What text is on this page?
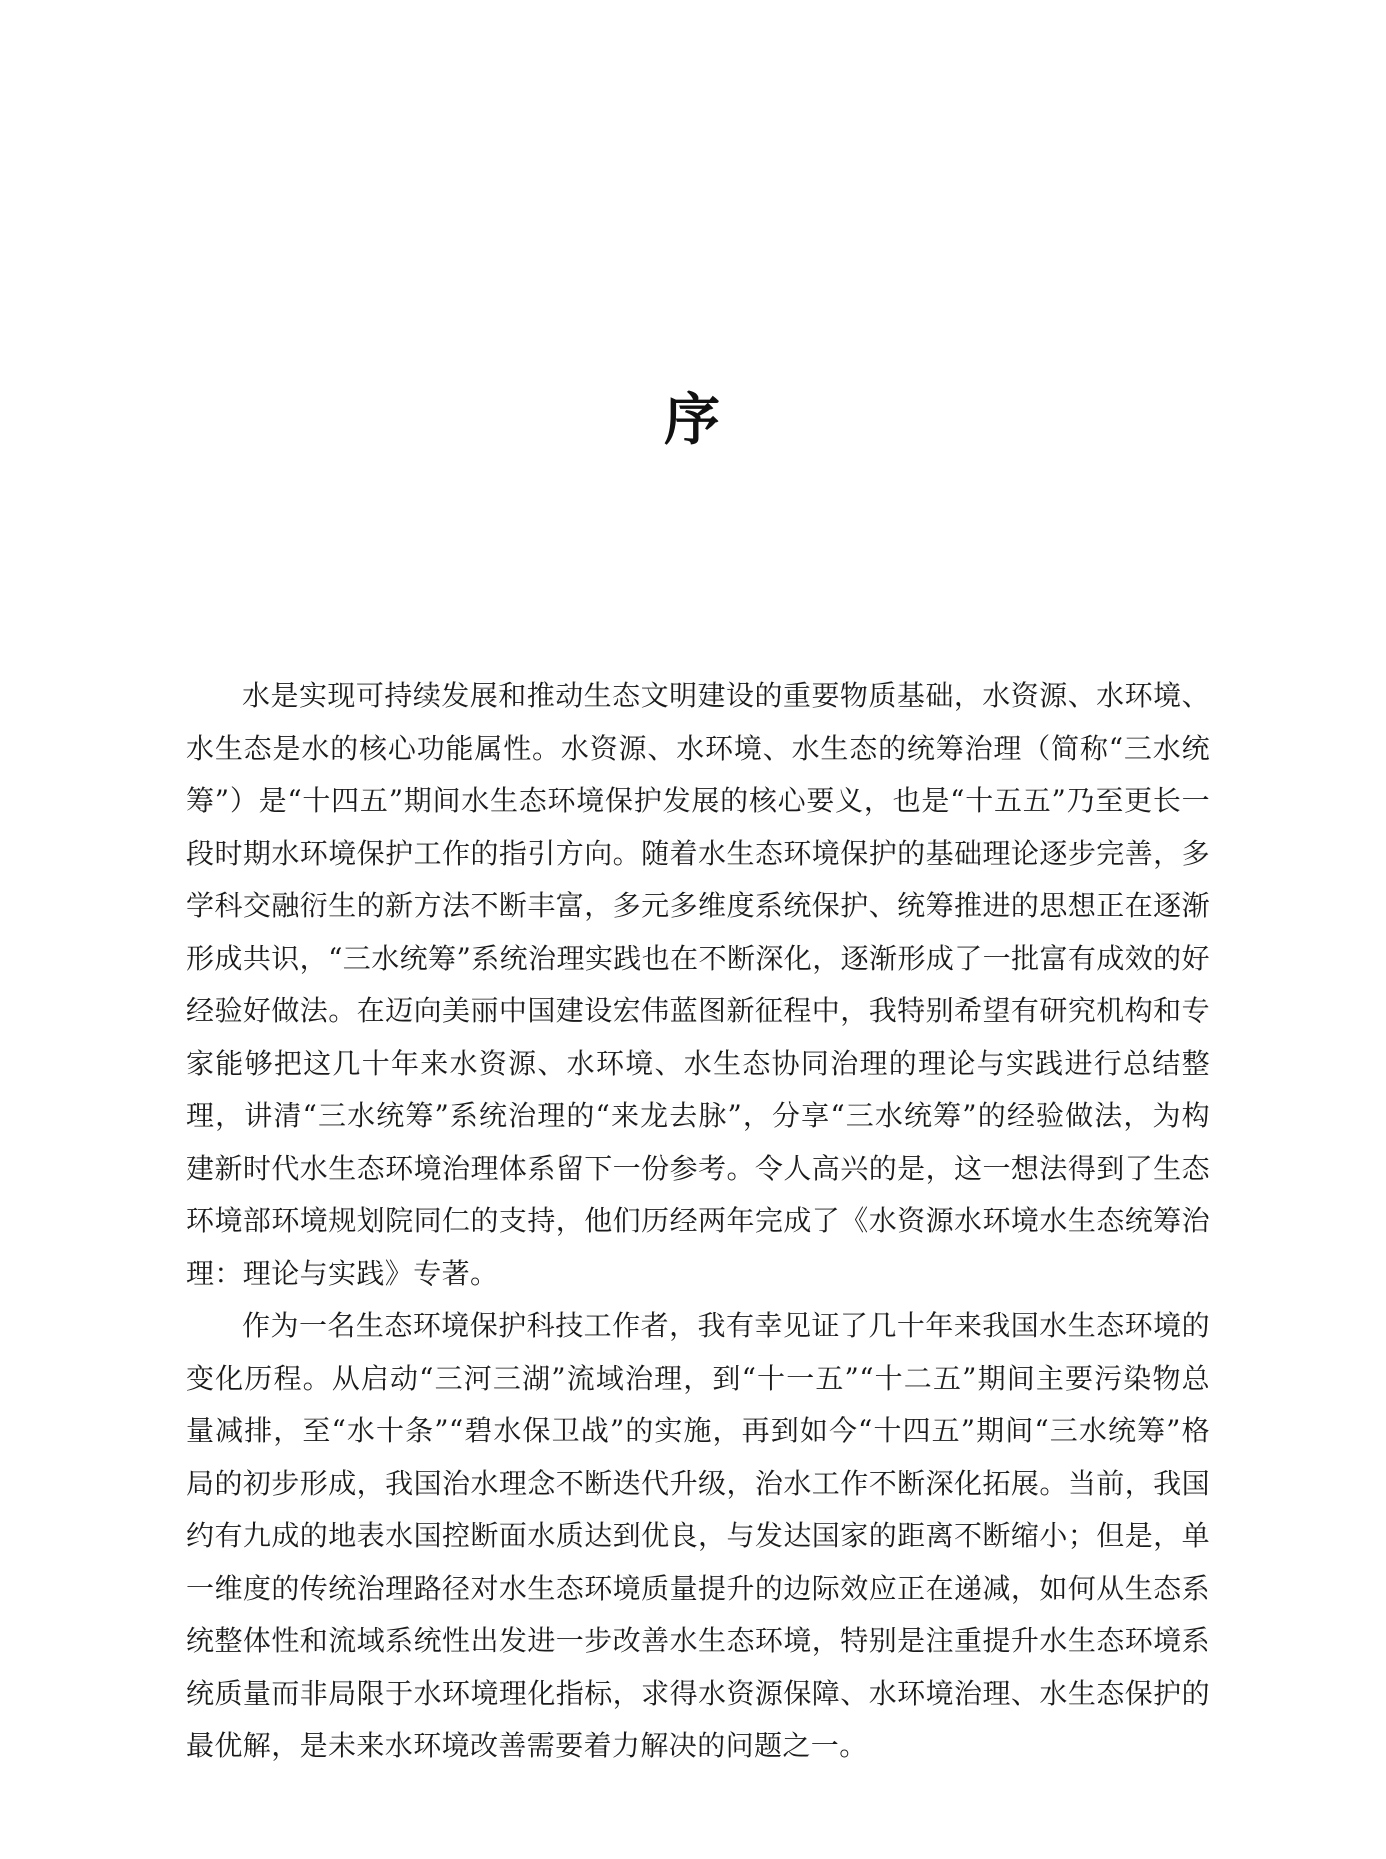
序

水是实现可持续发展和推动生态文明建设的重要物质基础，水资源、水环境、水生态是水的核心功能属性。水资源、水环境、水生态的统筹治理（简称“三水统筹”）是“十四五”期间水生态环境保护发展的核心要义，也是“十五五”乃至更长一段时期水环境保护工作的指引方向。随着水生态环境保护的基础理论逐步完善，多学科交融衍生的新方法不断丰富，多元多维度系统保护、统筹推进的思想正在逐渐形成共识，“三水统筹”系统治理实践也在不断深化，逐渐形成了一批富有成效的好经验好做法。在迈向美丽中国建设宏伟蓝图新征程中，我特别希望有研究机构和专家能够把这几十年来水资源、水环境、水生态协同治理的理论与实践进行总结整理，讲清“三水统筹”系统治理的“来龙去脉”，分享“三水统筹”的经验做法，为构建新时代水生态环境治理体系留下一份参考。令人高兴的是，这一想法得到了生态环境部环境规划院同仁的支持，他们历经两年完成了《水资源水环境水生态统筹治理：理论与实践》专著。

作为一名生态环境保护科技工作者，我有幸见证了几十年来我国水生态环境的变化历程。从启动“三河三湖”流域治理，到“十一五”“十二五”期间主要污染物总量减排，至“水十条”“碧水保卫战”的实施，再到如今“十四五”期间“三水统筹”格局的初步形成，我国治水理念不断迭代升级，治水工作不断深化拓展。当前，我国约有九成的地表水国控断面水质达到优良，与发达国家的距离不断缩小；但是，单一维度的传统治理路径对水生态环境质量提升的边际效应正在递减，如何从生态系统整体性和流域系统性出发进一步改善水生态环境，特别是注重提升水生态环境系统质量而非局限于水环境理化指标，求得水资源保障、水环境治理、水生态保护的最优解，是未来水环境改善需要着力解决的问题之一。
